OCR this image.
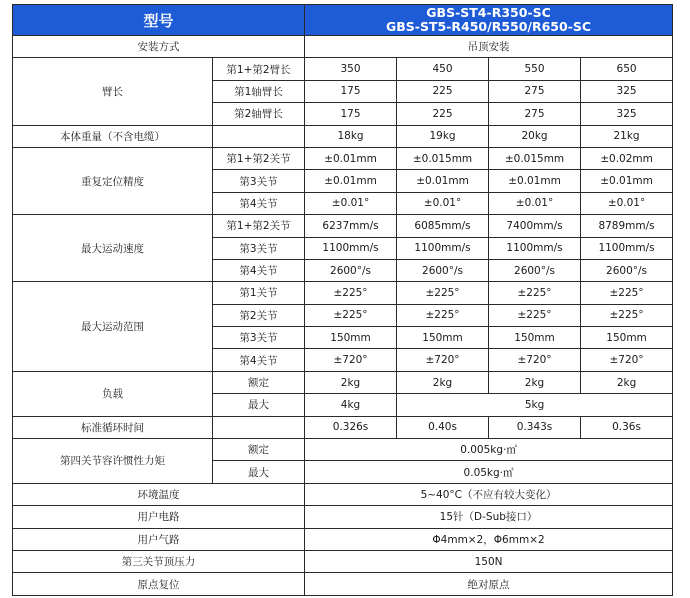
型号		GBS-ST4-R350-SC
GBS-ST5-R450/R550/R650-SC			

安装方式		吊顶安装			
臂长	第1+第2臂长	350	450	550	650
	第1轴臂长	175	225	275	325
	第2轴臂长	175	225	275	325
本体重量（不含电缆）		18kg	19kg	20kg	21kg
重复定位精度	第1+第2关节	±0.01mm	±0.015mm	±0.015mm	±0.02mm
	第3关节	±0.01mm	±0.01mm	±0.01mm	±0.01mm
	第4关节	±0.01°	±0.01°	±0.01°	±0.01°
最大运动速度	第1+第2关节	6237mm/s	6085mm/s	7400mm/s	8789mm/s
	第3关节	1100mm/s	1100mm/s	1100mm/s	1100mm/s
	第4关节	2600°/s	2600°/s	2600°/s	2600°/s
最大运动范围	第1关节	±225°	±225°	±225°	±225°
	第2关节	±225°	±225°	±225°	±225°
	第3关节	150mm	150mm	150mm	150mm
	第4关节	±720°	±720°	±720°	±720°
负载	额定	2kg	2kg	2kg	2kg
	最大	4kg	5kg		
标准循环时间		0.326s	0.40s	0.343s	0.36s
第四关节容许惯性力矩	额定	0.005kg·㎡			
	最大	0.05kg·㎡			
环境温度		5~40°C（不应有较大变化）			
用户电路		15针（D-Sub接口）			
用户气路		Φ4mm×2，Φ6mm×2			
第三关节顶压力		150N			
原点复位		绝对原点			
